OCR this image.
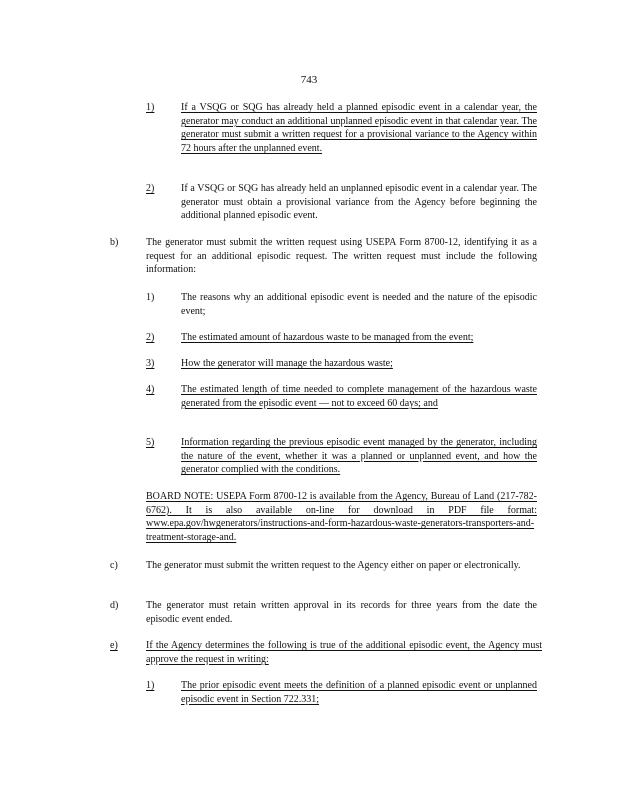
743
1)	If a VSQG or SQG has already held a planned episodic event in a calendar year, the generator may conduct an additional unplanned episodic event in that calendar year. The generator must submit a written request for a provisional variance to the Agency within 72 hours after the unplanned event.
2)	If a VSQG or SQG has already held an unplanned episodic event in a calendar year. The generator must obtain a provisional variance from the Agency before beginning the additional planned episodic event.
b)	The generator must submit the written request using USEPA Form 8700-12, identifying it as a request for an additional episodic request. The written request must include the following information:
1)	The reasons why an additional episodic event is needed and the nature of the episodic event;
2)	The estimated amount of hazardous waste to be managed from the event;
3)	How the generator will manage the hazardous waste;
4)	The estimated length of time needed to complete management of the hazardous waste generated from the episodic event — not to exceed 60 days; and
5)	Information regarding the previous episodic event managed by the generator, including the nature of the event, whether it was a planned or unplanned event, and how the generator complied with the conditions.
BOARD NOTE: USEPA Form 8700-12 is available from the Agency, Bureau of Land (217-782-6762). It is also available on-line for download in PDF file format: www.epa.gov/hwgenerators/instructions-and-form-hazardous-waste-generators-transporters-and-treatment-storage-and.
c)	The generator must submit the written request to the Agency either on paper or electronically.
d)	The generator must retain written approval in its records for three years from the date the episodic event ended.
e)	If the Agency determines the following is true of the additional episodic event, the Agency must approve the request in writing:
1)	The prior episodic event meets the definition of a planned episodic event or unplanned episodic event in Section 722.331;
